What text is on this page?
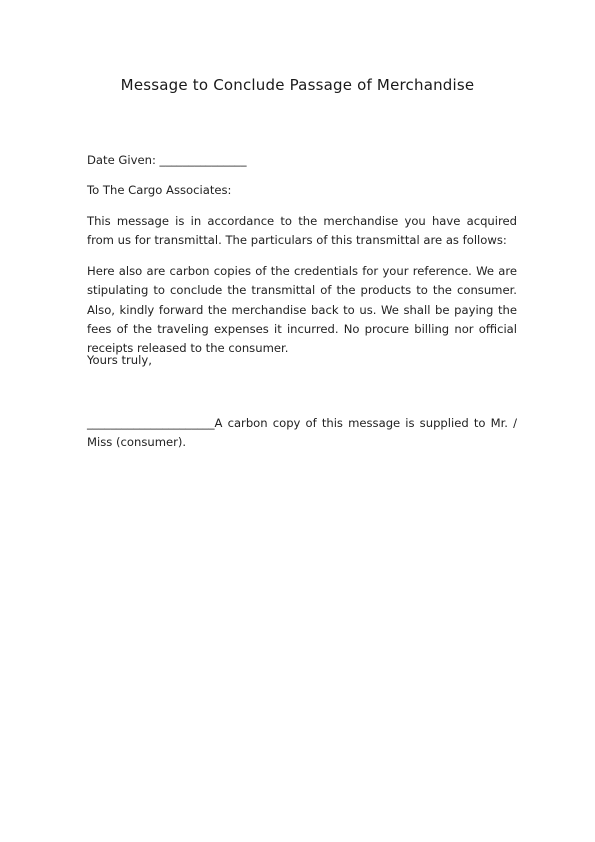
Message to Conclude Passage of Merchandise

Date Given: _______________

To The Cargo Associates:

This message is in accordance to the merchandise you have acquired from us for transmittal. The particulars of this transmittal are as follows:

Here also are carbon copies of the credentials for your reference. We are stipulating to conclude the transmittal of the products to the consumer. Also, kindly forward the merchandise back to us. We shall be paying the fees of the traveling expenses it incurred. No procure billing nor official receipts released to the consumer.

Yours truly,

______________________A carbon copy of this message is supplied to Mr. / Miss (consumer).
